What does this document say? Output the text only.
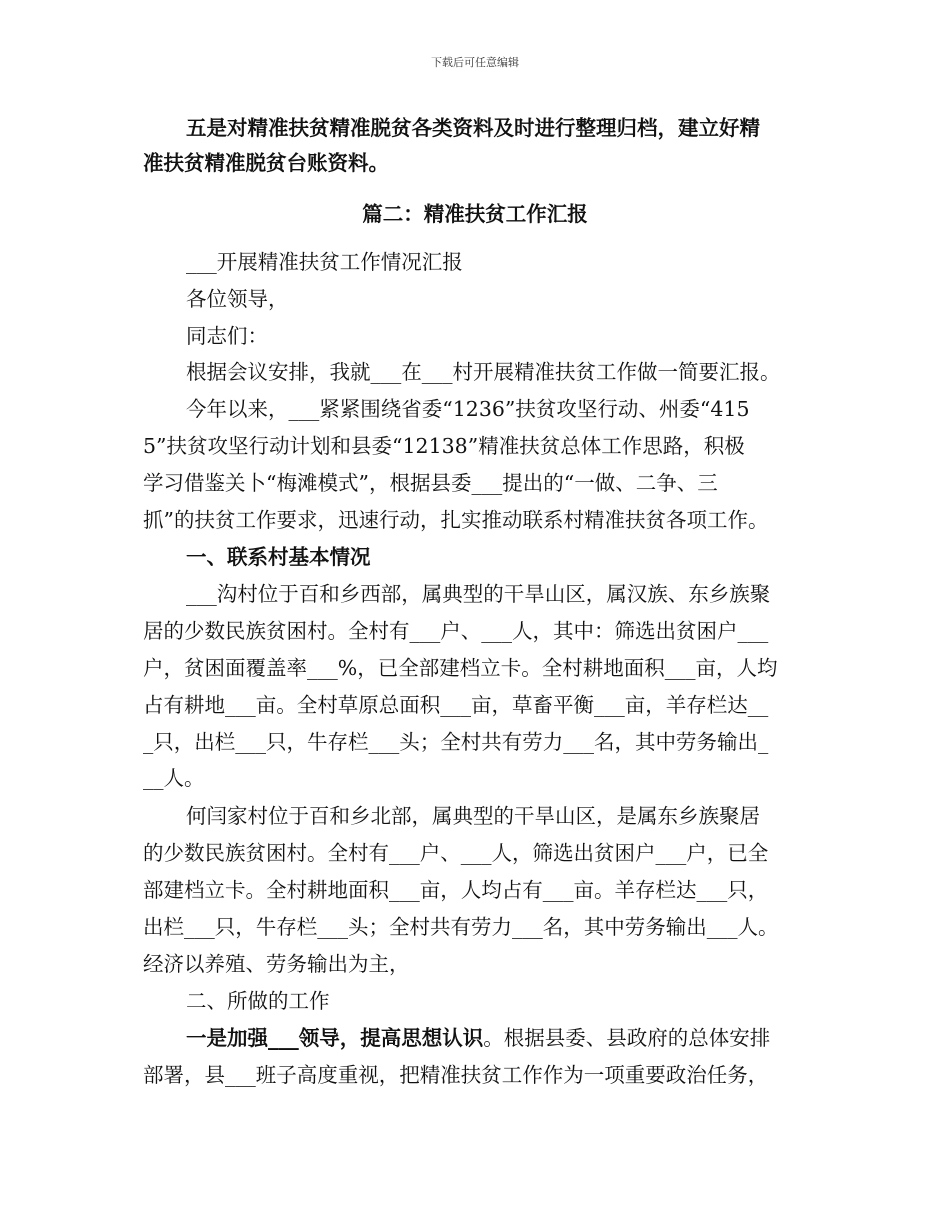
下载后可任意编辑
五是对精准扶贫精准脱贫各类资料及时进行整理归档，建立好精
准扶贫精准脱贫台账资料。
篇二：精准扶贫工作汇报
___开展精准扶贫工作情况汇报
各位领导，
同志们：
根据会议安排，我就___在___村开展精准扶贫工作做一简要汇报。
今年以来，___紧紧围绕省委“1236”扶贫攻坚行动、州委“415
5”扶贫攻坚行动计划和县委“12138”精准扶贫总体工作思路，积极
学习借鉴关卜“梅滩模式”，根据县委___提出的“一做、二争、三
抓”的扶贫工作要求，迅速行动，扎实推动联系村精准扶贫各项工作。
一、联系村基本情况
___沟村位于百和乡西部，属典型的干旱山区，属汉族、东乡族聚
居的少数民族贫困村。全村有___户、___人，其中：筛选出贫困户___
户，贫困面覆盖率___%，已全部建档立卡。全村耕地面积___亩，人均
占有耕地___亩。全村草原总面积___亩，草畜平衡___亩，羊存栏达__
_只，出栏___只，牛存栏___头；全村共有劳力___名，其中劳务输出_
__人。
何闫家村位于百和乡北部，属典型的干旱山区，是属东乡族聚居
的少数民族贫困村。全村有___户、___人，筛选出贫困户___户，已全
部建档立卡。全村耕地面积___亩，人均占有___亩。羊存栏达___只，
出栏___只，牛存栏___头；全村共有劳力___名，其中劳务输出___人。
经济以养殖、劳务输出为主，
二、所做的工作
一是加强___领导，提高思想认识。根据县委、县政府的总体安排
部署，县___班子高度重视，把精准扶贫工作作为一项重要政治任务，
